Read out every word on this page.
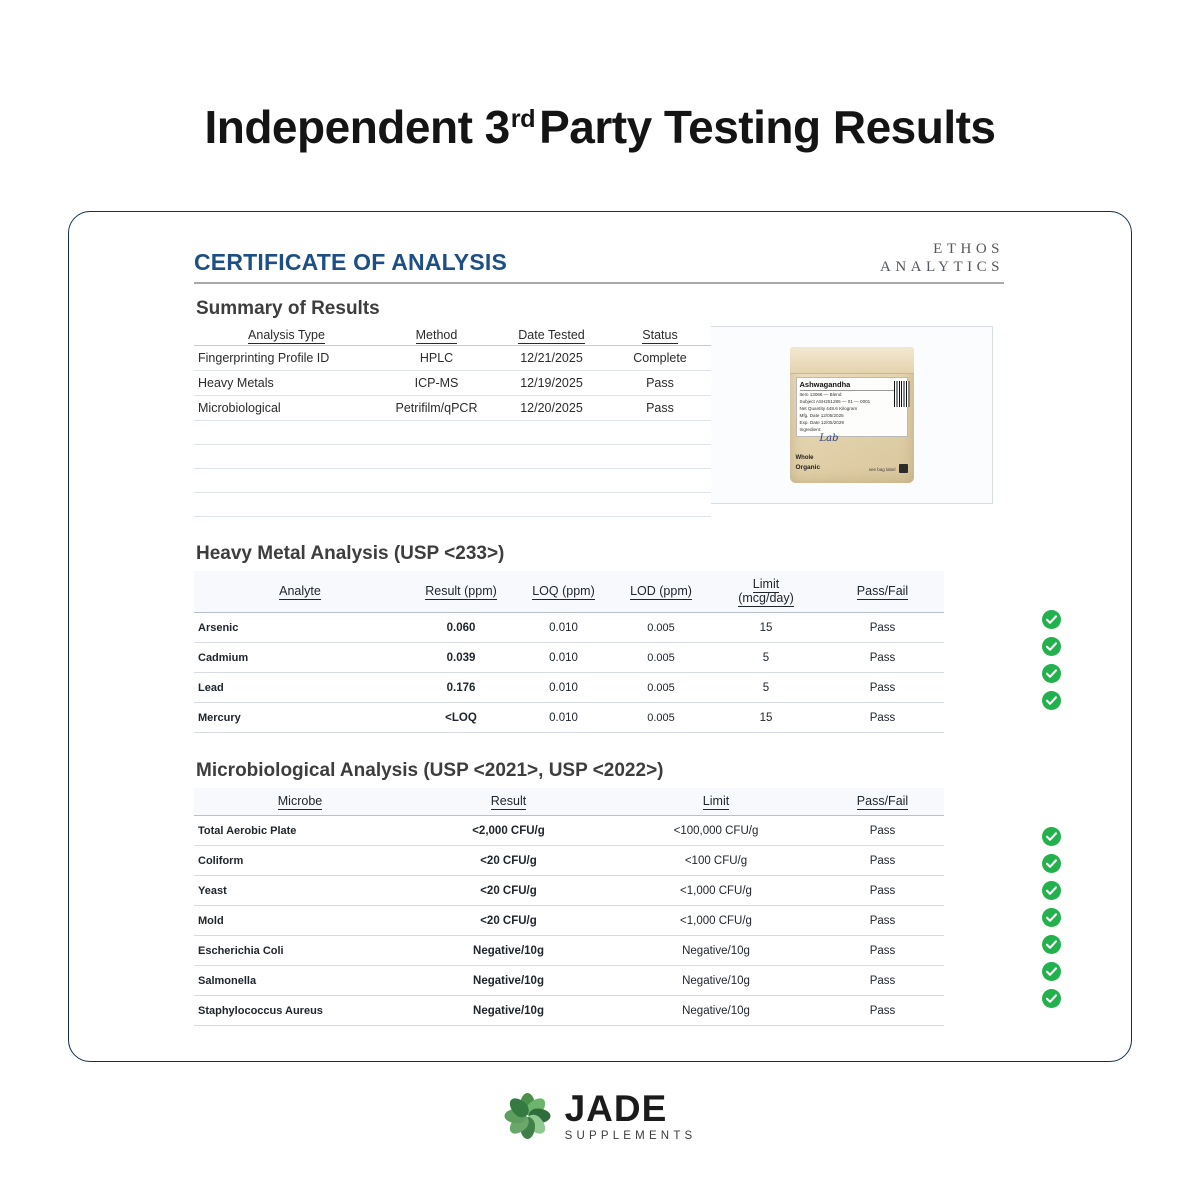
Independent 3rdParty Testing Results
CERTIFICATE OF ANALYSIS
ETHOS
ANALYTICS
Summary of Results
Analysis Type	Method	Date Tested	Status
Fingerprinting Profile ID	HPLC	12/21/2025	Complete
Heavy Metals	ICP-MS	12/19/2025	Pass
Microbiological	Petrifilm/qPCR	12/20/2025	Pass

Ashwagandha
Item 13066 — Blend
Subject ASH251285 — 01 — 0001
Net Quantity 448.6 Kilogram
Mfg. Date 12/05/2025
Exp. Date 12/05/2029
Ingredient:
Lab
Whole
Organic	see bag label
Heavy Metal Analysis (USP <233>)
Analyte	Result (ppm)	LOQ (ppm)	LOD (ppm)	Limit
(mcg/day)	Pass/Fail
Arsenic	0.060	0.010	0.005	15	Pass
Cadmium	0.039	0.010	0.005	5	Pass
Lead	0.176	0.010	0.005	5	Pass
Mercury	<LOQ	0.010	0.005	15	Pass
Microbiological Analysis (USP <2021>, USP <2022>)
Microbe	Result	Limit	Pass/Fail
Total Aerobic Plate	<2,000 CFU/g	<100,000 CFU/g	Pass
Coliform	<20 CFU/g	<100 CFU/g	Pass
Yeast	<20 CFU/g	<1,000 CFU/g	Pass
Mold	<20 CFU/g	<1,000 CFU/g	Pass
Escherichia Coli	Negative/10g	Negative/10g	Pass
Salmonella	Negative/10g	Negative/10g	Pass
Staphylococcus Aureus	Negative/10g	Negative/10g	Pass
JADE
SUPPLEMENTS
